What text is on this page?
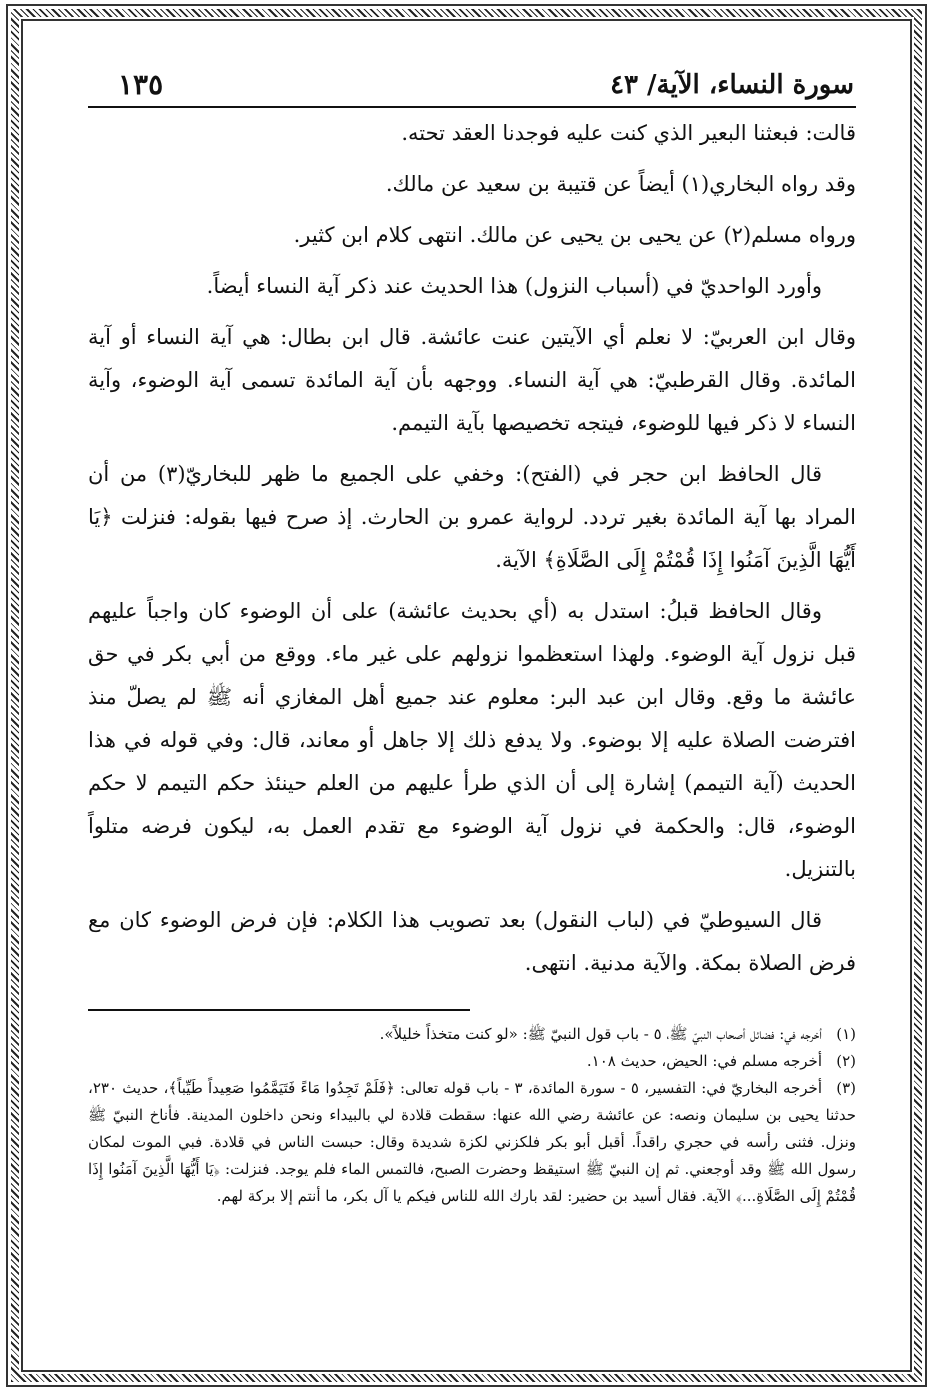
سورة النساء، الآية/ ٤٣
١٣٥

قالت: فبعثنا البعير الذي كنت عليه فوجدنا العقد تحته.

وقد رواه البخاري(١) أيضاً عن قتيبة بن سعيد عن مالك.

ورواه مسلم(٢) عن يحيى بن يحيى عن مالك. انتهى كلام ابن كثير.

وأورد الواحديّ في (أسباب النزول) هذا الحديث عند ذكر آية النساء أيضاً.

وقال ابن العربيّ: لا نعلم أي الآيتين عنت عائشة. قال ابن بطال: هي آية النساء أو آية المائدة. وقال القرطبيّ: هي آية النساء. ووجهه بأن آية المائدة تسمى آية الوضوء، وآية النساء لا ذكر فيها للوضوء، فيتجه تخصيصها بآية التيمم.

قال الحافظ ابن حجر في (الفتح): وخفي على الجميع ما ظهر للبخاريّ(٣) من أن المراد بها آية المائدة بغير تردد. لرواية عمرو بن الحارث. إذ صرح فيها بقوله: فنزلت ﴿يَا أَيُّهَا الَّذِينَ آمَنُوا إِذَا قُمْتُمْ إِلَى الصَّلَاةِ﴾ الآية.

وقال الحافظ قبلُ: استدل به (أي بحديث عائشة) على أن الوضوء كان واجباً عليهم قبل نزول آية الوضوء. ولهذا استعظموا نزولهم على غير ماء. ووقع من أبي بكر في حق عائشة ما وقع. وقال ابن عبد البر: معلوم عند جميع أهل المغازي أنه ﷺ لم يصلّ منذ افترضت الصلاة عليه إلا بوضوء. ولا يدفع ذلك إلا جاهل أو معاند، قال: وفي قوله في هذا الحديث (آية التيمم) إشارة إلى أن الذي طرأ عليهم من العلم حينئذ حكم التيمم لا حكم الوضوء، قال: والحكمة في نزول آية الوضوء مع تقدم العمل به، ليكون فرضه متلواً بالتنزيل.

قال السيوطيّ في (لباب النقول) بعد تصويب هذا الكلام: فإن فرض الوضوء كان مع فرض الصلاة بمكة. والآية مدنية. انتهى.

(١)أخرجه في: فضائل أصحاب النبيّ ﷺ، ٥ - باب قول النبيّ ﷺ: «لو كنت متخذاً خليلاً».

(٢)أخرجه مسلم في: الحيض، حديث ١٠٨.

(٣)أخرجه البخاريّ في: التفسير، ٥ - سورة المائدة، ٣ - باب قوله تعالى: ﴿فَلَمْ تَجِدُوا مَاءً فَتَيَمَّمُوا صَعِيداً طَيِّباً﴾، حديث ٢٣٠، حدثنا يحيى بن سليمان ونصه: عن عائشة رضي الله عنها: سقطت قلادة لي بالبيداء ونحن داخلون المدينة. فأناخ النبيّ ﷺ ونزل. فثنى رأسه في حجري راقداً. أقبل أبو بكر فلكزني لكزة شديدة وقال: حبست الناس في قلادة. فبي الموت لمكان رسول الله ﷺ وقد أوجعني. ثم إن النبيّ ﷺ استيقظ وحضرت الصبح، فالتمس الماء فلم يوجد. فنزلت: ﴿يَا أَيُّهَا الَّذِينَ آمَنُوا إِذَا قُمْتُمْ إِلَى الصَّلَاةِ...﴾ الآية. فقال أسيد بن حضير: لقد بارك الله للناس فيكم يا آل بكر، ما أنتم إلا بركة لهم.
